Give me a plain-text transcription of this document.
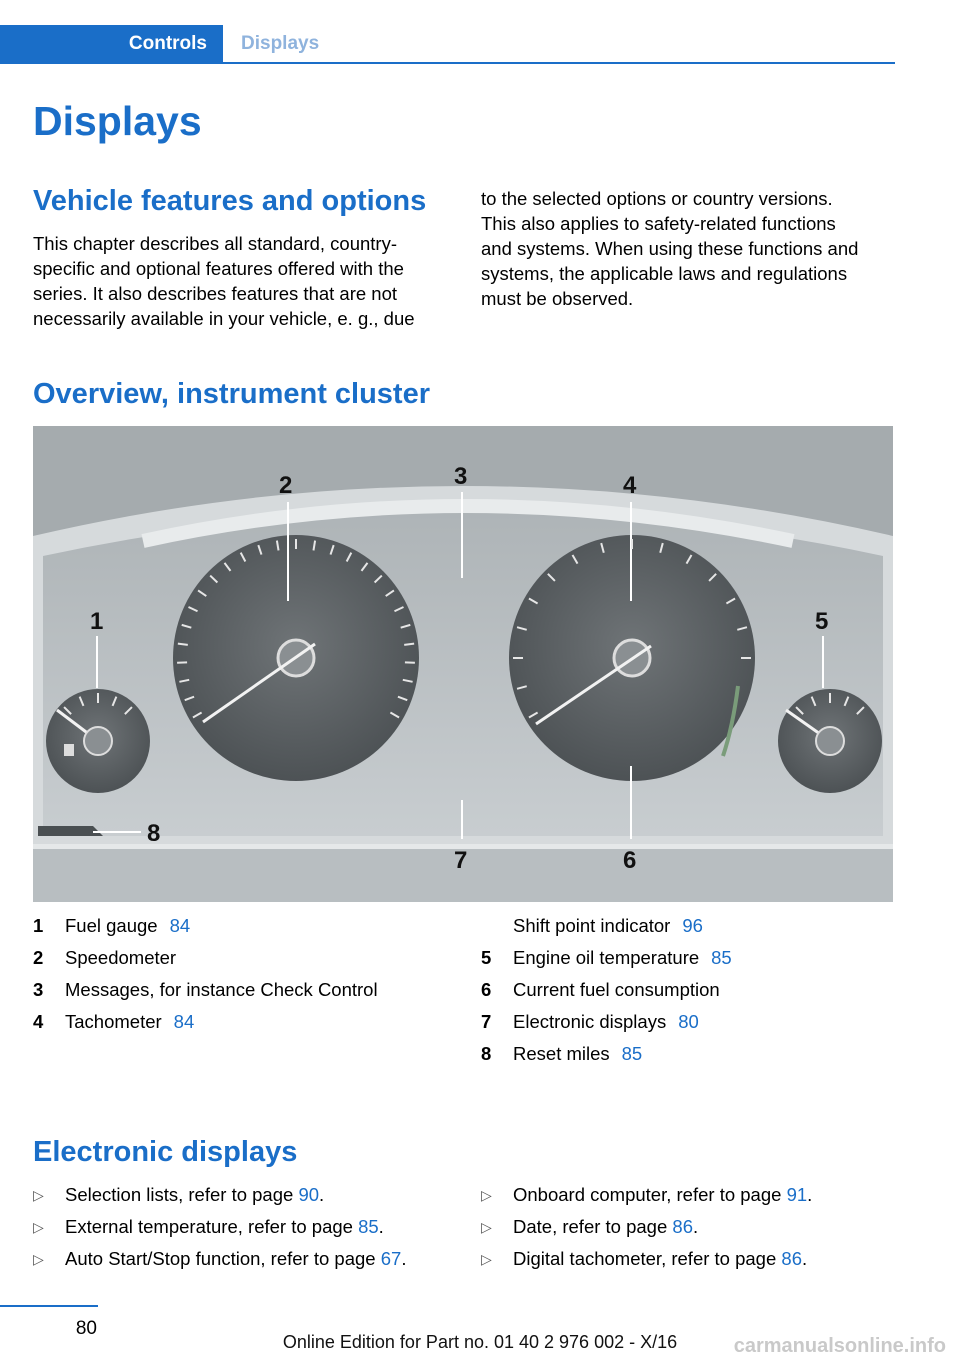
Controls	Displays
Displays
Vehicle features and options
This chapter describes all standard, country-
specific and optional features offered with the
series. It also describes features that are not
necessarily available in your vehicle, e. g., due
to the selected options or country versions.
This also applies to safety-related functions
and systems. When using these functions and
systems, the applicable laws and regulations
must be observed.
Overview, instrument cluster
1
2	3	4
5
6
7
8
1	Fuel gauge 84
2	Speedometer
3	Messages, for instance Check Control
4	Tachometer 84
Shift point indicator 96
5	Engine oil temperature 85
6	Current fuel consumption
7	Electronic displays 80
8	Reset miles 85
Electronic displays
▷	Selection lists, refer to page 90.
▷	External temperature, refer to page 85.
▷	Auto Start/Stop function, refer to page 67.
▷	Onboard computer, refer to page 91.
▷	Date, refer to page 86.
▷	Digital tachometer, refer to page 86.
80
Online Edition for Part no. 01 40 2 976 002 - X/16	carmanualsonline.info
